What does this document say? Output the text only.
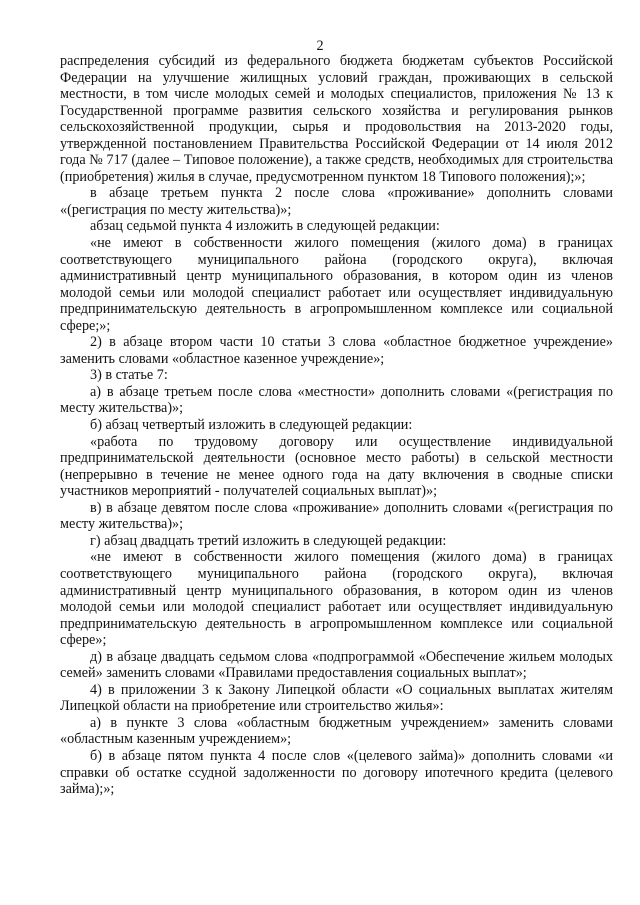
2

распределения субсидий из федерального бюджета бюджетам субъектов Российской Федерации на улучшение жилищных условий граждан, проживающих в сельской местности, в том числе молодых семей и молодых специалистов, приложения № 13 к Государственной программе развития сельского хозяйства и регулирования рынков сельскохозяйственной продукции, сырья и продовольствия на 2013-2020 годы, утвержденной постановлением Правительства Российской Федерации от 14 июля 2012 года № 717 (далее – Типовое положение), а также средств, необходимых для строительства (приобретения) жилья в случае, предусмотренном пунктом 18 Типового положения);»;

в абзаце третьем пункта 2 после слова «проживание» дополнить словами «(регистрация по месту жительства)»;

абзац седьмой пункта 4 изложить в следующей редакции:

«не имеют в собственности жилого помещения (жилого дома) в границах соответствующего муниципального района (городского округа), включая административный центр муниципального образования, в котором один из членов молодой семьи или молодой специалист работает или осуществляет индивидуальную предпринимательскую деятельность в агропромышленном комплексе или социальной сфере;»;

2) в абзаце втором части 10 статьи 3 слова «областное бюджетное учреждение» заменить словами «областное казенное учреждение»;

3) в статье 7:

а) в абзаце третьем после слова «местности» дополнить словами «(регистрация по месту жительства)»;

б) абзац четвертый изложить в следующей редакции:

«работа по трудовому договору или осуществление индивидуальной предпринимательской деятельности (основное место работы) в сельской местности (непрерывно в течение не менее одного года на дату включения в сводные списки участников мероприятий - получателей социальных выплат)»;

в) в абзаце девятом после слова «проживание» дополнить словами «(регистрация по месту жительства)»;

г) абзац двадцать третий изложить в следующей редакции:

«не имеют в собственности жилого помещения (жилого дома) в границах соответствующего муниципального района (городского округа), включая административный центр муниципального образования, в котором один из членов молодой семьи или молодой специалист работает или осуществляет индивидуальную предпринимательскую деятельность в агропромышленном комплексе или социальной сфере»;

д) в абзаце двадцать седьмом слова «подпрограммой «Обеспечение жильем молодых семей» заменить словами «Правилами предоставления социальных выплат»;

4) в приложении 3 к Закону Липецкой области «О социальных выплатах жителям Липецкой области на приобретение или строительство жилья»:

а) в пункте 3 слова «областным бюджетным учреждением» заменить словами «областным казенным учреждением»;

б) в абзаце пятом пункта 4 после слов «(целевого займа)» дополнить словами «и справки об остатке ссудной задолженности по договору ипотечного кредита (целевого займа);»;
